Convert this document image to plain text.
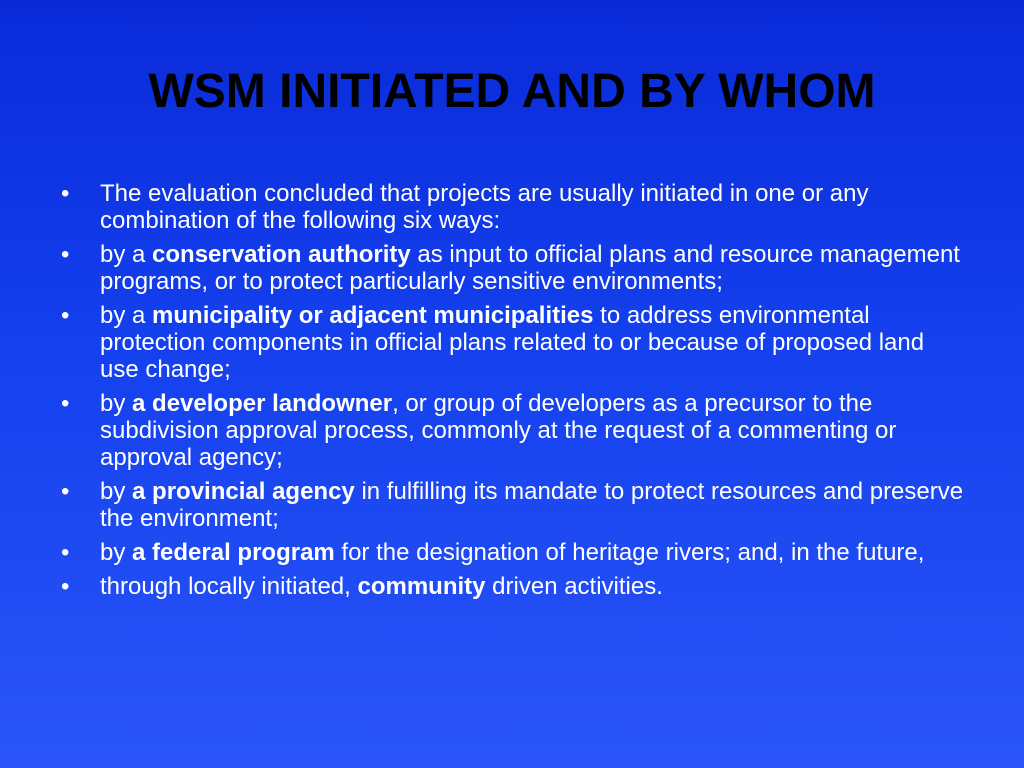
WSM INITIATED AND BY WHOM
• The evaluation concluded that projects are usually initiated in one or any combination of the following six ways:
• by a conservation authority as input to official plans and resource management programs, or to protect particularly sensitive environments;
• by a municipality or adjacent municipalities to address environmental protection components in official plans related to or because of proposed land use change;
• by a developer landowner, or group of developers as a precursor to the subdivision approval process, commonly at the request of a commenting or approval agency;
• by a provincial agency in fulfilling its mandate to protect resources and preserve the environment;
• by a federal program for the designation of heritage rivers; and, in the future,
• through locally initiated, community driven activities.
